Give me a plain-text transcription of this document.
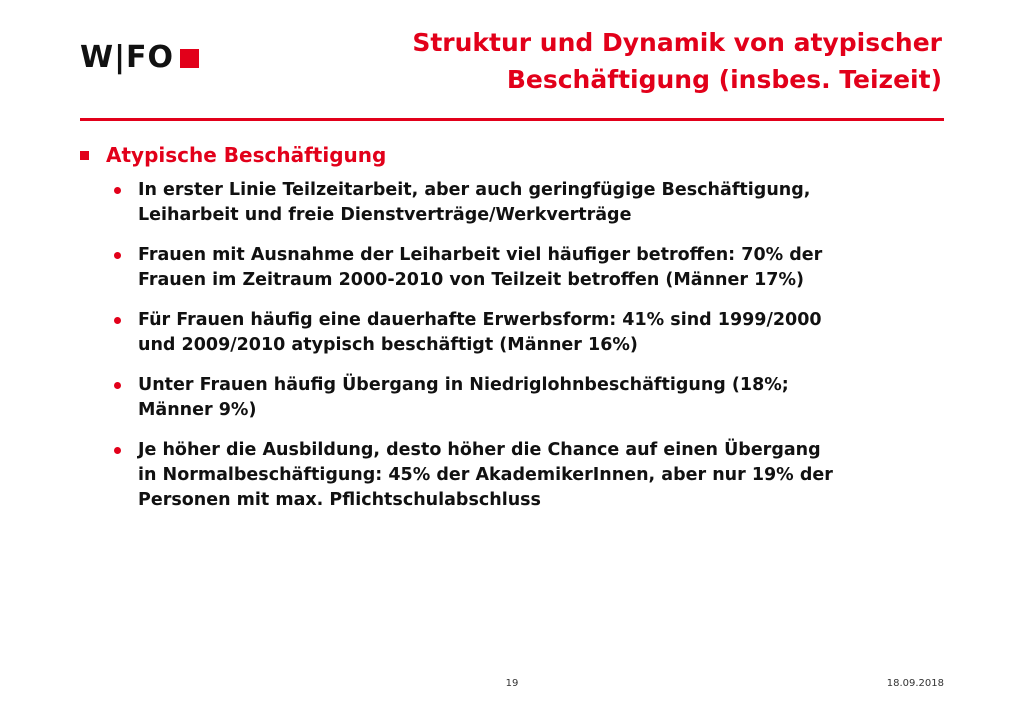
W|FO	Struktur und Dynamik von atypischer
Beschäftigung (insbes. Teizeit)
Atypische Beschäftigung
In erster Linie Teilzeitarbeit, aber auch geringfügige Beschäftigung,
Leiharbeit und freie Dienstverträge/Werkverträge
Frauen mit Ausnahme der Leiharbeit viel häufiger betroffen: 70% der
Frauen im Zeitraum 2000-2010 von Teilzeit betroffen (Männer 17%)
Für Frauen häufig eine dauerhafte Erwerbsform: 41% sind 1999/2000
und 2009/2010 atypisch beschäftigt (Männer 16%)
Unter Frauen häufig Übergang in Niedriglohnbeschäftigung (18%;
Männer 9%)
Je höher die Ausbildung, desto höher die Chance auf einen Übergang
in Normalbeschäftigung: 45% der AkademikerInnen, aber nur 19% der
Personen mit max. Pflichtschulabschluss
19	18.09.2018
